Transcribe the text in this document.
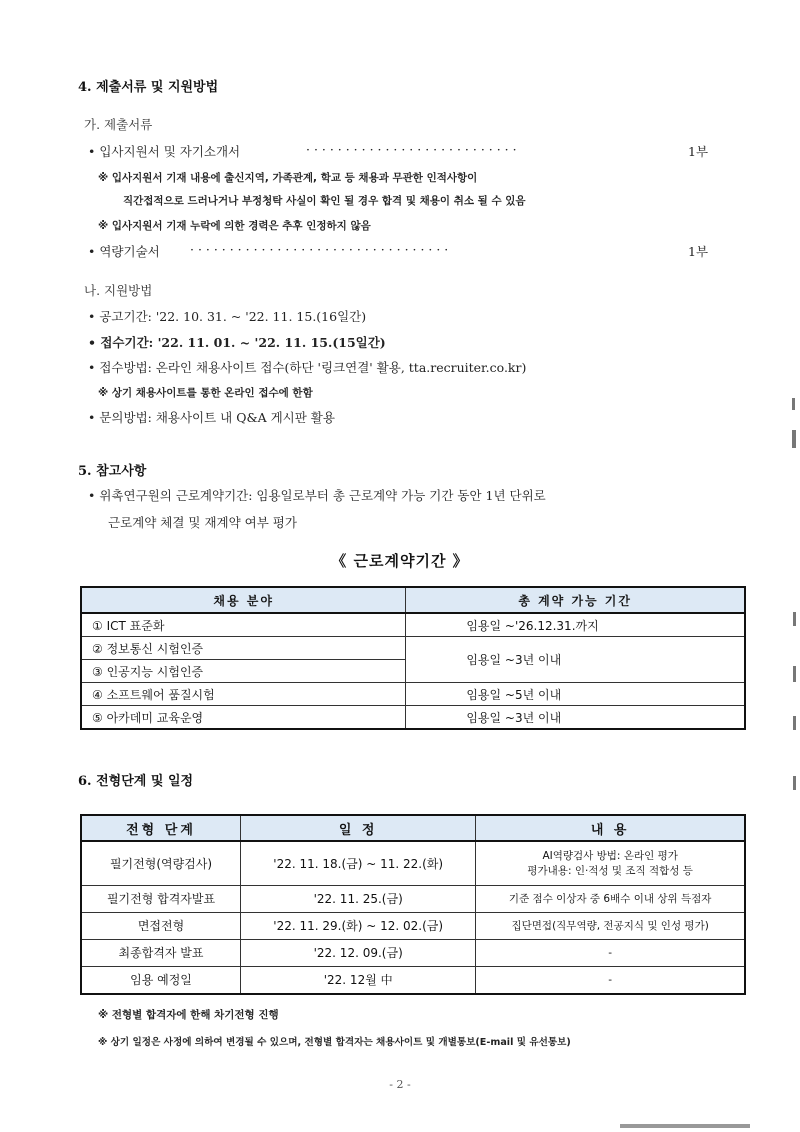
4. 제출서류 및 지원방법
가. 제출서류
• 입사지원서 및 자기소개서	· · · · · · · · · · · · · · · · · · · · · · · · · · ·	1부
※ 입사지원서 기재 내용에 출신지역, 가족관계, 학교 등 채용과 무관한 인적사항이
직간접적으로 드러나거나 부정청탁 사실이 확인 될 경우 합격 및 채용이 취소 될 수 있음
※ 입사지원서 기재 누락에 의한 경력은 추후 인정하지 않음
• 역량기술서 · · · · · · · · · · · · · · · · · · · · · · · · · · · · · · · · ·	1부
나. 지원방법
• 공고기간: '22. 10. 31. ~ '22. 11. 15.(16일간)
• 접수기간: '22. 11. 01. ~ '22. 11. 15.(15일간)
• 접수방법: 온라인 채용사이트 접수(하단 '링크연결' 활용, tta.recruiter.co.kr)
※ 상기 채용사이트를 통한 온라인 접수에 한함
• 문의방법: 채용사이트 내 Q&A 게시판 활용
5. 참고사항
• 위촉연구원의 근로계약기간: 임용일로부터 총 근로계약 가능 기간 동안 1년 단위로
근로계약 체결 및 재계약 여부 평가
《 근로계약기간 》
채용 분야	총 계약 가능 기간
① ICT 표준화	임용일 ~'26.12.31.까지
② 정보통신 시험인증	임용일 ~3년 이내
③ 인공지능 시험인증	
④ 소프트웨어 품질시험	임용일 ~5년 이내
⑤ 아카데미 교육운영	임용일 ~3년 이내
6. 전형단계 및 일정
전형 단계	일 정	내 용
필기전형(역량검사)	'22. 11. 18.(금) ~ 11. 22.(화)	AI역량검사 방법: 온라인 평가
평가내용: 인·적성 및 조직 적합성 등

필기전형 합격자발표	'22. 11. 25.(금)	기준 점수 이상자 중 6배수 이내 상위 득점자
면접전형	'22. 11. 29.(화) ~ 12. 02.(금)	집단면접(직무역량, 전공지식 및 인성 평가)
최종합격자 발표	'22. 12. 09.(금)	-
임용 예정일	'22. 12월 中	-
※ 전형별 합격자에 한해 차기전형 진행
※ 상기 일정은 사정에 의하여 변경될 수 있으며, 전형별 합격자는 채용사이트 및 개별통보(E-mail 및 유선통보)
- 2 -
